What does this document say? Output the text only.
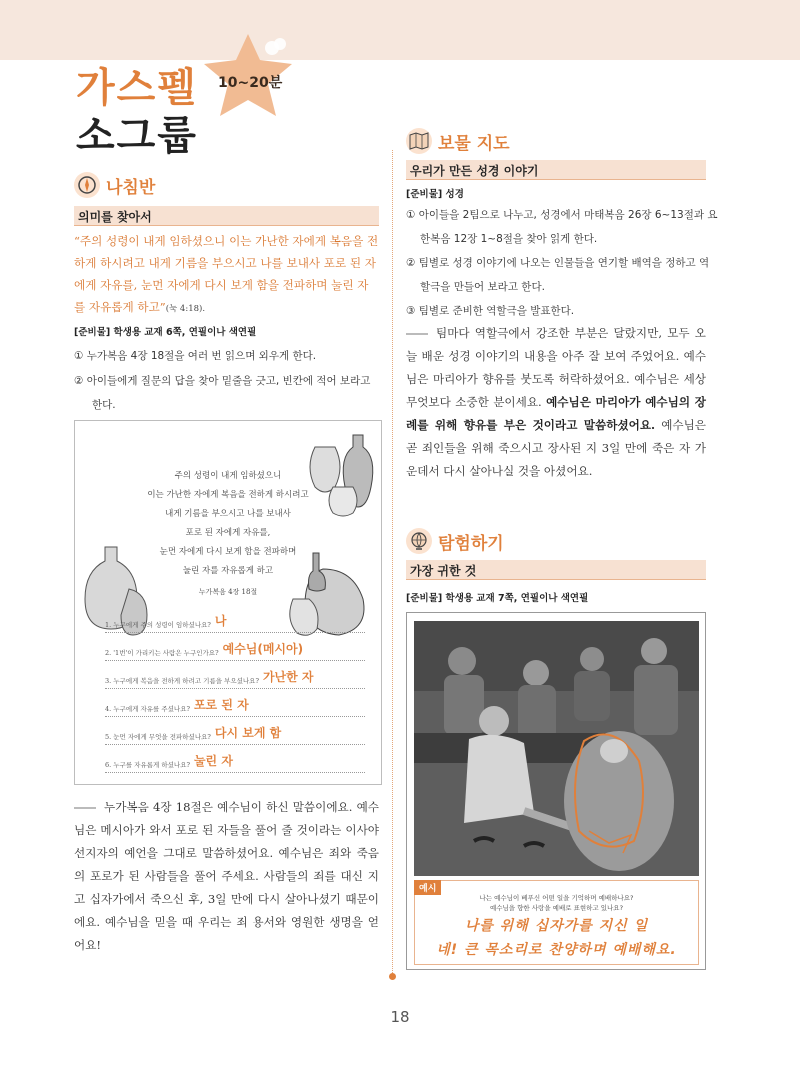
가스펠 10~20분
소그룹
나침반
의미를 찾아서
“주의 성령이 내게 임하셨으니 이는 가난한 자에게 복음을 전하게 하시려고 내게 기름을 부으시고 나를 보내사 포로 된 자에게 자유를, 눈먼 자에게 다시 보게 함을 전파하며 눌린 자를 자유롭게 하고”(눅 4:18).
[준비물] 학생용 교재 6쪽, 연필이나 색연필
① 누가복음 4장 18절을 여러 번 읽으며 외우게 한다.
② 아이들에게 질문의 답을 찾아 밑줄을 긋고, 빈칸에 적어 보라고
한다.
주의 성령이 내게 임하셨으니
이는 가난한 자에게 복음을 전하게 하시려고
내게 기름을 부으시고 나를 보내사
포로 된 자에게 자유를,
눈먼 자에게 다시 보게 함을 전파하며
눌린 자를 자유롭게 하고
누가복음 4장 18절
1. 누구에게 주의 성령이 임하셨나요? 나
2. '1번'이 가리키는 사람은 누구인가요? 예수님(메시아)
3. 누구에게 복음을 전하게 하려고 기름을 부으셨나요? 가난한 자
4. 누구에게 자유를 주셨나요? 포로 된 자
5. 눈먼 자에게 무엇을 전파하셨나요? 다시 보게 함
6. 누구를 자유롭게 하셨나요? 눌린 자
누가복음 4장 18절은 예수님이 하신 말씀이에요. 예수님은 메시아가 와서 포로 된 자들을 풀어 줄 것이라는 이사야 선지자의 예언을 그대로 말씀하셨어요. 예수님은 죄와 죽음의 포로가 된 사람들을 풀어 주세요. 사람들의 죄를 대신 지고 십자가에서 죽으신 후, 3일 만에 다시 살아나셨기 때문이에요. 예수님을 믿을 때 우리는 죄 용서와 영원한 생명을 얻어요!
보물 지도
우리가 만든 성경 이야기
[준비물] 성경
① 아이들을 2팀으로 나누고, 성경에서 마태복음 26장 6~13절과 요
한복음 12장 1~8절을 찾아 읽게 한다.
② 팀별로 성경 이야기에 나오는 인물들을 연기할 배역을 정하고 역
할극을 만들어 보라고 한다.
③ 팀별로 준비한 역할극을 발표한다.
팀마다 역할극에서 강조한 부분은 달랐지만, 모두 오늘 배운 성경 이야기의 내용을 아주 잘 보여 주었어요. 예수님은 마리아가 향유를 붓도록 허락하셨어요. 예수님은 세상 무엇보다 소중한 분이세요. 예수님은 마리아가 예수님의 장례를 위해 향유를 부은 것이라고 말씀하셨어요. 예수님은 곧 죄인들을 위해 죽으시고 장사된 지 3일 만에 죽은 자 가운데서 다시 살아나실 것을 아셨어요.
탐험하기
가장 귀한 것
[준비물] 학생용 교재 7쪽, 연필이나 색연필
예시
나는 예수님이 베푸신 어떤 일을 기억하며 예배하나요?
예수님을 향한 사랑을 예배로 표현하고 있나요?
나를 위해 십자가를 지신 일
네! 큰 목소리로 찬양하며 예배해요.
18
